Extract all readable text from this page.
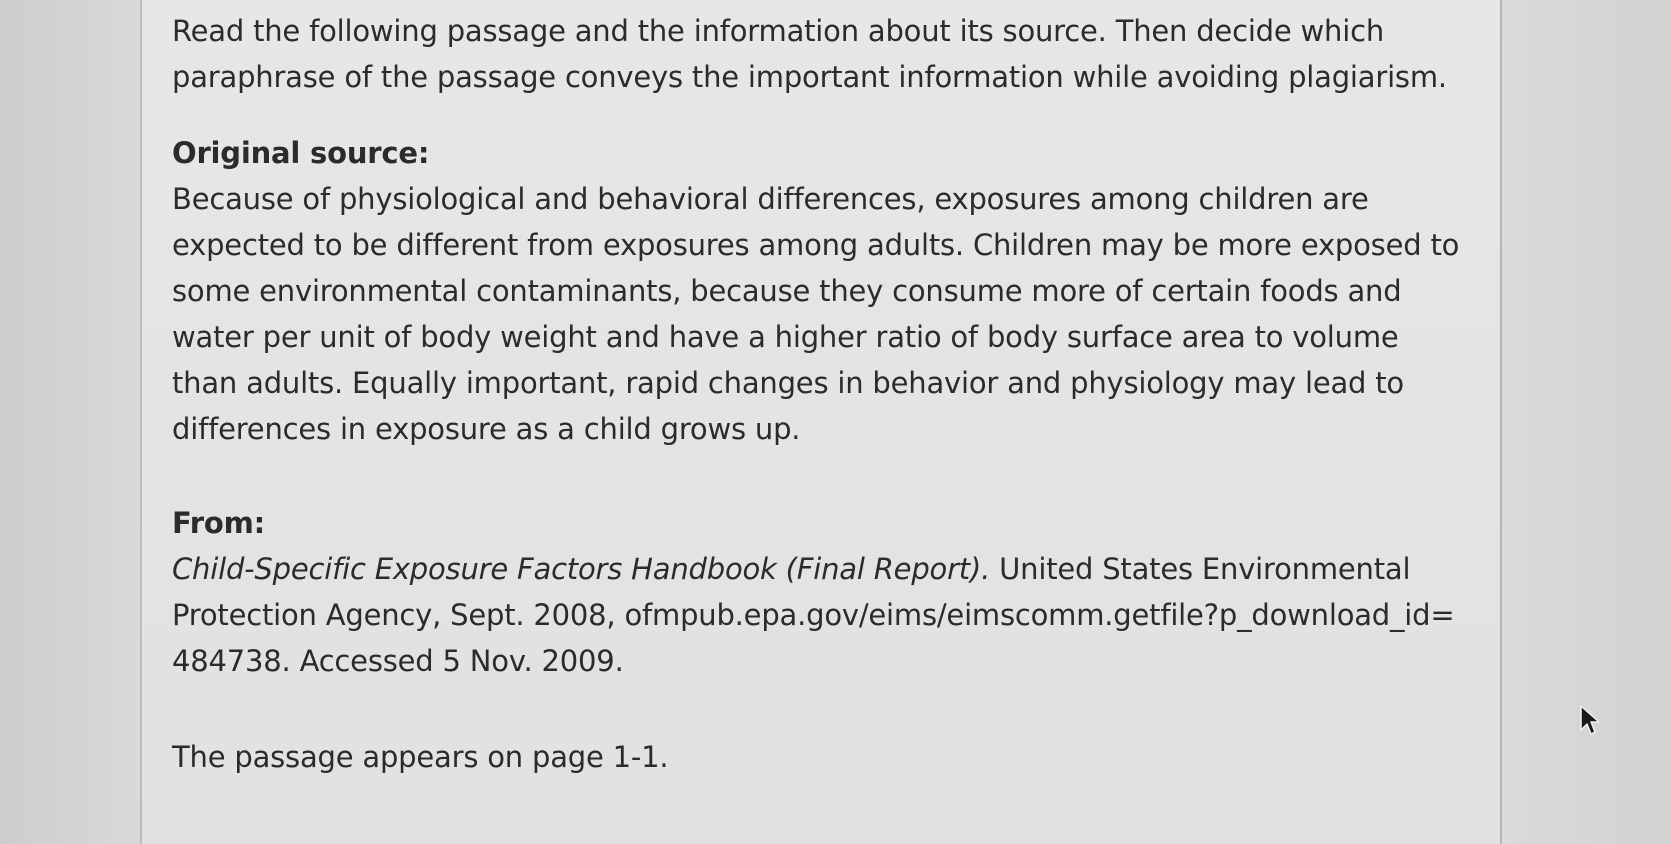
Read the following passage and the information about its source. Then decide which paraphrase of the passage conveys the important information while avoiding plagiarism.

Original source:

Because of physiological and behavioral differences, exposures among children are expected to be different from exposures among adults. Children may be more exposed to some environmental contaminants, because they consume more of certain foods and water per unit of body weight and have a higher ratio of body surface area to volume than adults. Equally important, rapid changes in behavior and physiology may lead to differences in exposure as a child grows up.

From:

Child-Specific Exposure Factors Handbook (Final Report). United States Environmental Protection Agency, Sept. 2008, ofmpub.epa.gov/eims/eimscomm.getfile?p_download_id=484738. Accessed 5 Nov. 2009.

The passage appears on page 1-1.
